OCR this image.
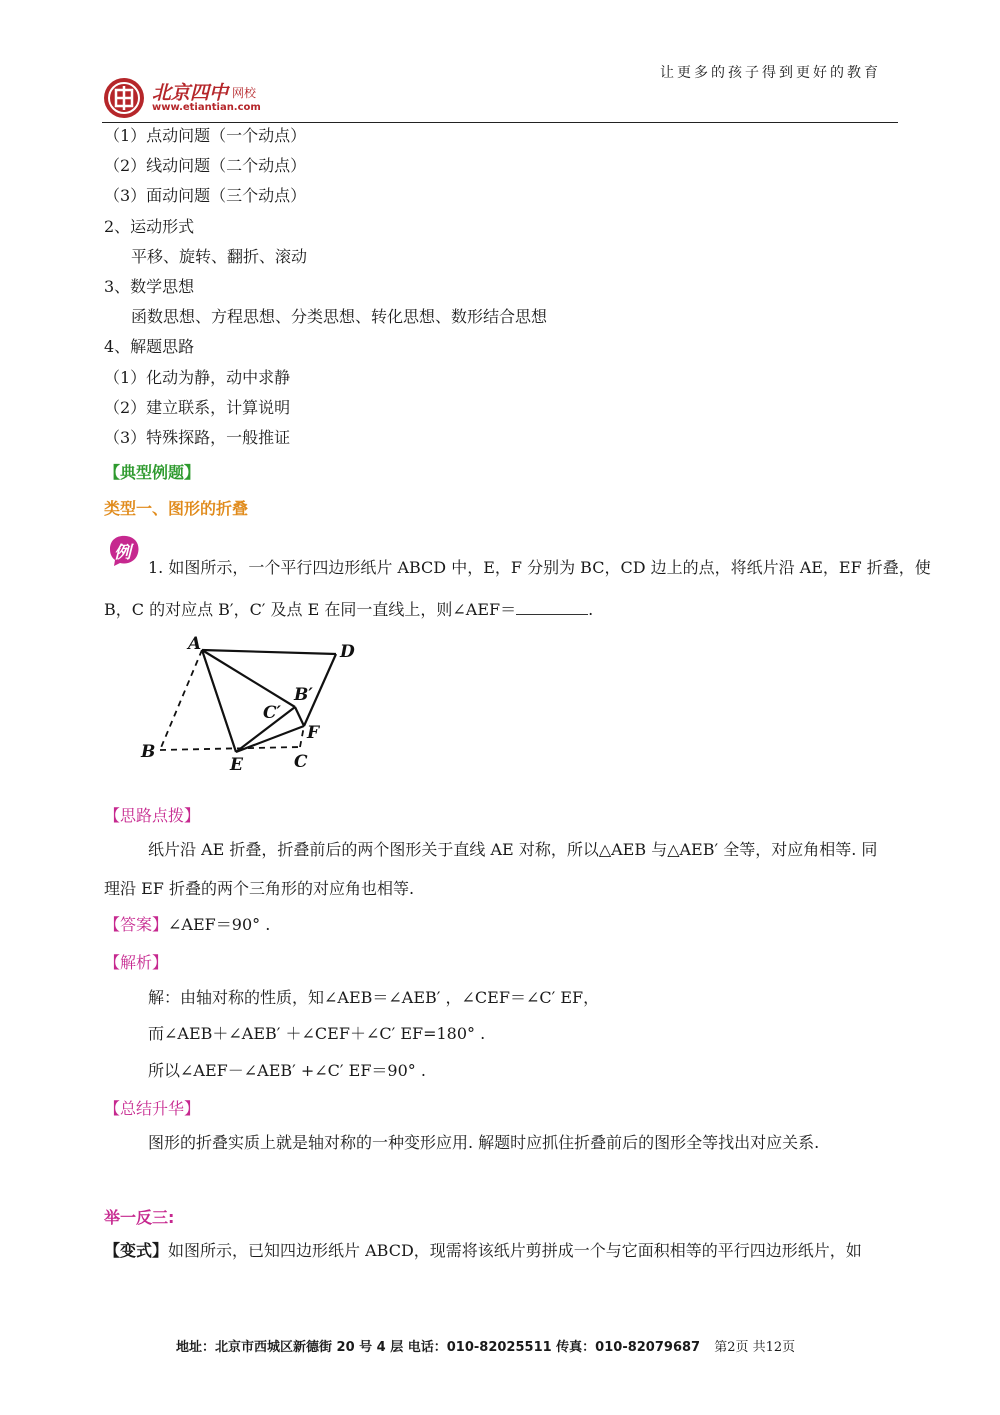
北京四中 网校
www.etiantian.com
让更多的孩子得到更好的教育
（1）点动问题（一个动点）
（2）线动问题（二个动点）
（3）面动问题（三个动点）
2、运动形式
平移、旋转、翻折、滚动
3、数学思想
函数思想、方程思想、分类思想、转化思想、数形结合思想
4、解题思路
（1）化动为静，动中求静
（2）建立联系，计算说明
（3）特殊探路，一般推证
【典型例题】
类型一、图形的折叠
例
1. 如图所示，一个平行四边形纸片 ABCD 中，E，F 分别为 BC，CD 边上的点，将纸片沿 AE，EF 折叠，使
B，C 的对应点 B′，C′ 及点 E 在同一直线上，则∠AEF＝	.
A	D
B′
C′
F
B
E	C
【思路点拨】
纸片沿 AE 折叠，折叠前后的两个图形关于直线 AE 对称，所以△AEB 与△AEB′ 全等，对应角相等. 同
理沿 EF 折叠的两个三角形的对应角也相等.
【答案】∠AEF＝90° .
【解析】
解：由轴对称的性质，知∠AEB＝∠AEB′ ，∠CEF＝∠C′ EF，
而∠AEB＋∠AEB′ ＋∠CEF＋∠C′ EF=180° .
所以∠AEF－∠AEB′ +∠C′ EF＝90° .
【总结升华】
图形的折叠实质上就是轴对称的一种变形应用. 解题时应抓住折叠前后的图形全等找出对应关系.
举一反三:
【变式】如图所示，已知四边形纸片 ABCD，现需将该纸片剪拼成一个与它面积相等的平行四边形纸片，如
地址：北京市西城区新德街 20 号 4 层 电话：010-82025511 传真：010-82079687 第2页 共12页
